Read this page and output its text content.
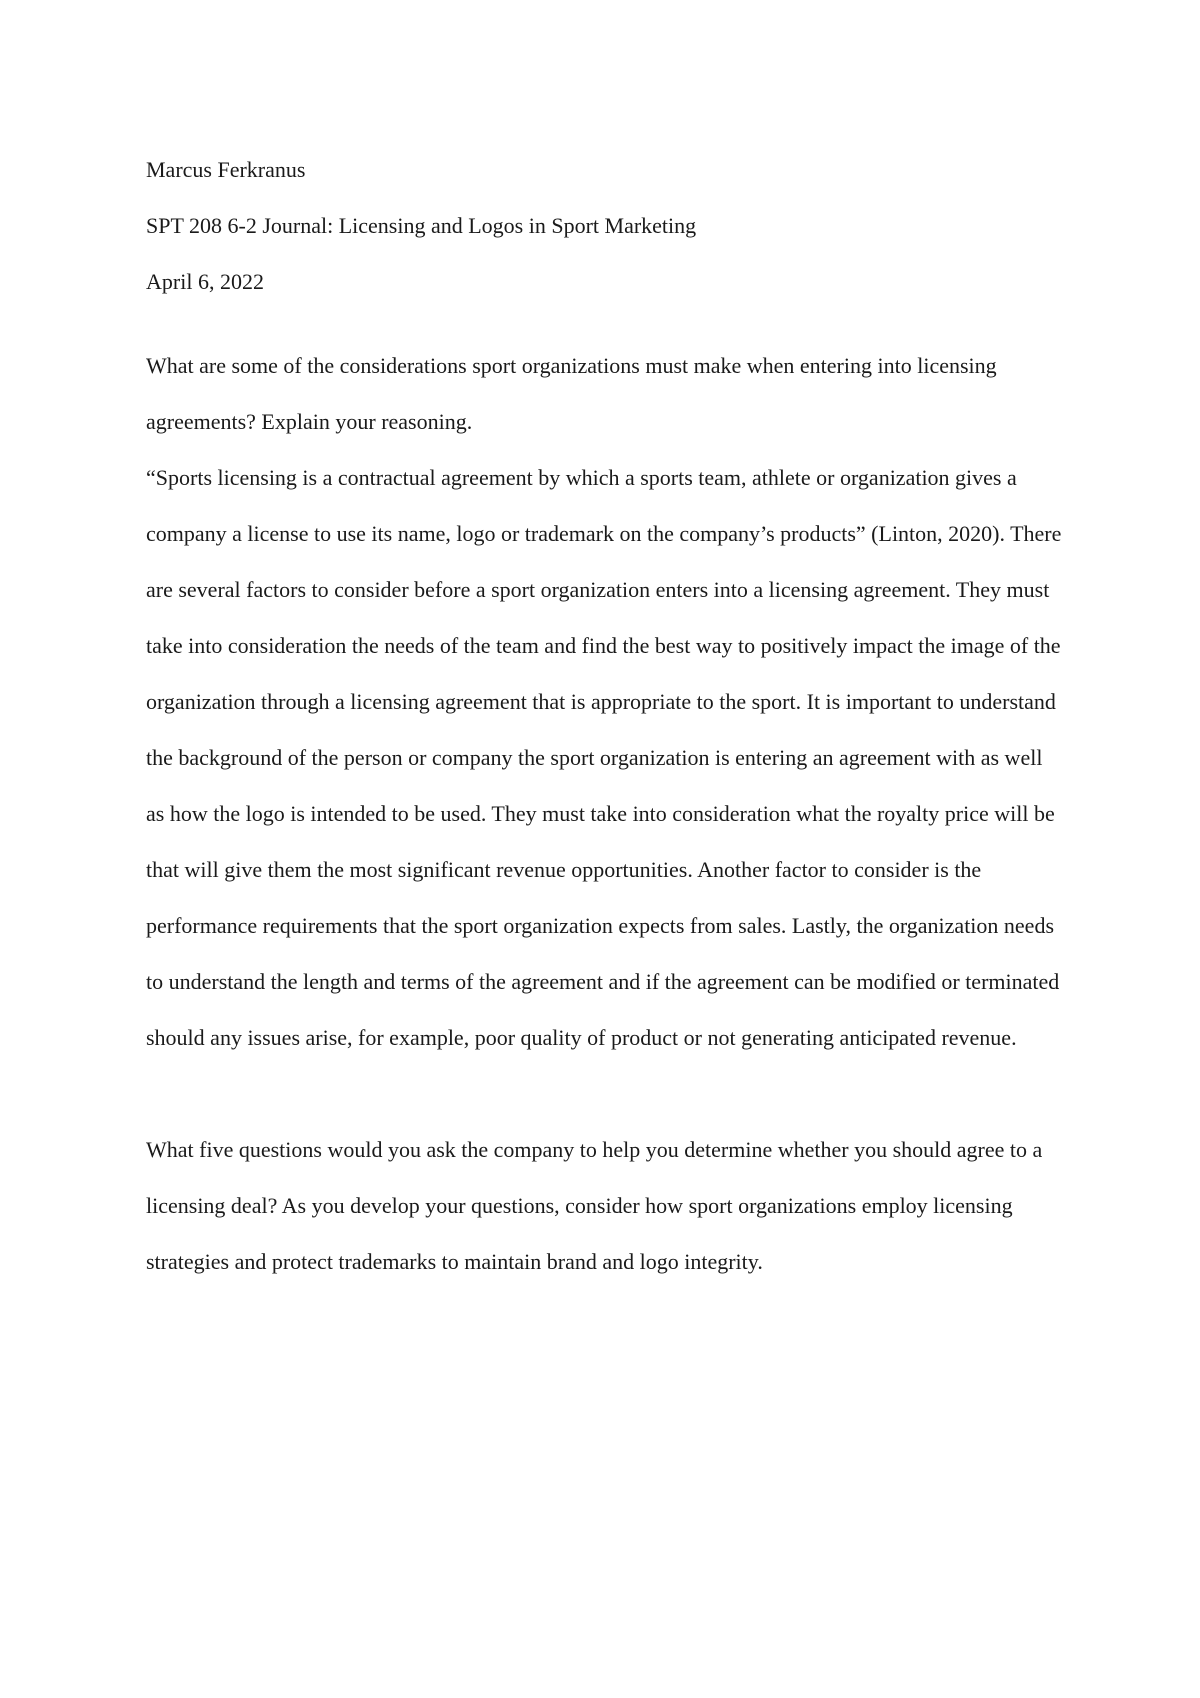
Marcus Ferkranus

SPT 208 6-2 Journal: Licensing and Logos in Sport Marketing

April 6, 2022

What are some of the considerations sport organizations must make when entering into licensing agreements? Explain your reasoning.

“Sports licensing is a contractual agreement by which a sports team, athlete or organization gives a company a license to use its name, logo or trademark on the company’s products” (Linton, 2020). There are several factors to consider before a sport organization enters into a licensing agreement. They must take into consideration the needs of the team and find the best way to positively impact the image of the organization through a licensing agreement that is appropriate to the sport. It is important to understand the background of the person or company the sport organization is entering an agreement with as well as how the logo is intended to be used. They must take into consideration what the royalty price will be that will give them the most significant revenue opportunities. Another factor to consider is the performance requirements that the sport organization expects from sales. Lastly, the organization needs to understand the length and terms of the agreement and if the agreement can be modified or terminated should any issues arise, for example, poor quality of product or not generating anticipated revenue.

What five questions would you ask the company to help you determine whether you should agree to a licensing deal? As you develop your questions, consider how sport organizations employ licensing strategies and protect trademarks to maintain brand and logo integrity.
